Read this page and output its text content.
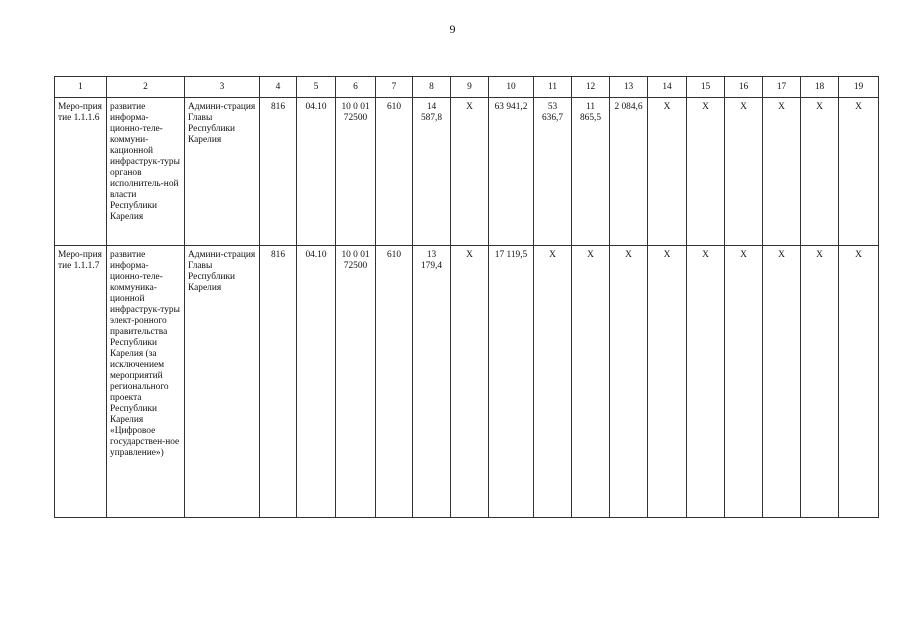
9
1	2	3	4	5	6	7	8	9	10	11	12	13	14	15	16	17	18	19
Меро-приятие 1.1.1.6	развитие информа-ционно-теле-коммуни-кационной инфраструк-туры органов исполнитель-ной власти Республики Карелия	Админи-страция Главы Республики Карелия	816	04.10	10 0 01 72500	610	14 587,8	Х	63 941,2	53 636,7	11 865,5	2 084,6	Х	Х	Х	Х	Х	Х
Меро-приятие 1.1.1.7	развитие информа-ционно-теле-коммуника-ционной инфраструк-туры элект-ронного правительства Республики Карелия (за исключением мероприятий регионального проекта Республики Карелия «Цифровое государствен-ное управление»)	Админи-страция Главы Республики Карелия	816	04.10	10 0 01 72500	610	13 179,4	Х	17 119,5	Х	Х	Х	Х	Х	Х	Х	Х	Х
